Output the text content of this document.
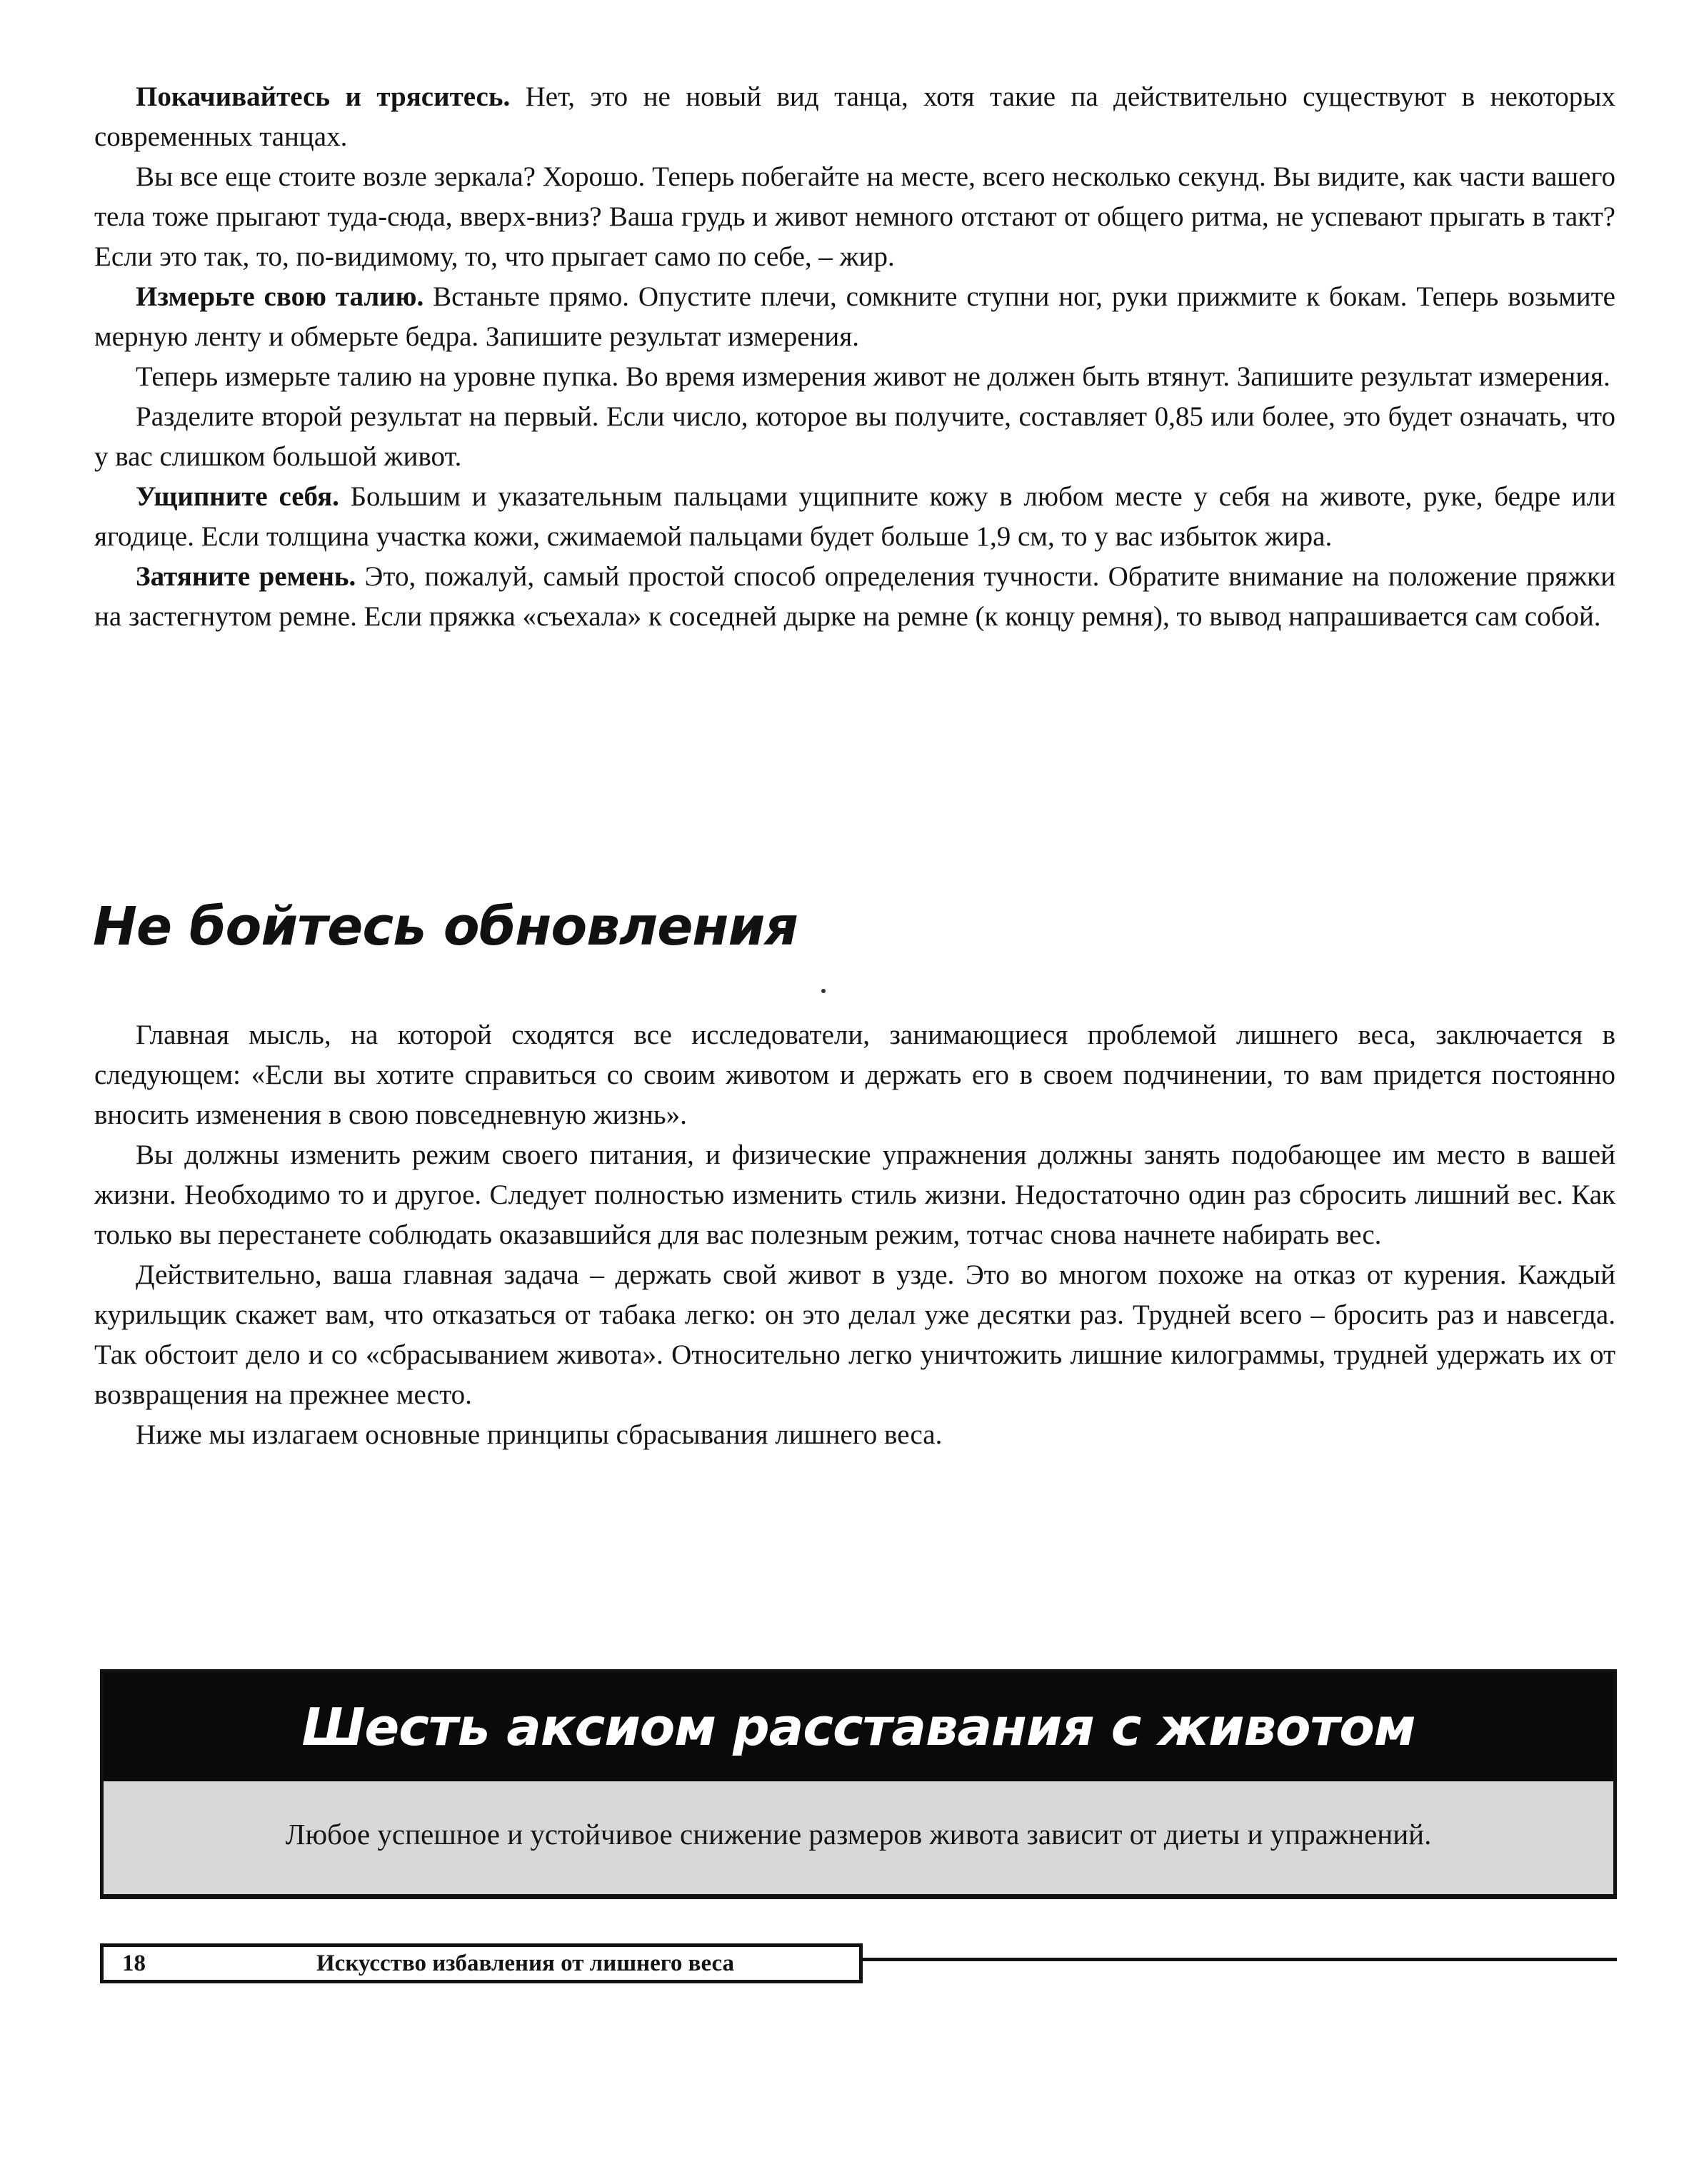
Покачивайтесь и тряситесь. Нет, это не новый вид танца, хотя такие па действительно существуют в некоторых современных танцах.

Вы все еще стоите возле зеркала? Хорошо. Теперь побегайте на месте, всего несколько секунд. Вы видите, как части вашего тела тоже прыгают туда-сюда, вверх-вниз? Ваша грудь и живот немного отстают от общего ритма, не успевают прыгать в такт? Если это так, то, по-видимому, то, что прыгает само по себе, – жир.

Измерьте свою талию. Встаньте прямо. Опустите плечи, сомкните ступни ног, руки прижмите к бокам. Теперь возьмите мерную ленту и обмерьте бедра. Запишите результат измерения.

Теперь измерьте талию на уровне пупка. Во время измерения живот не должен быть втянут. Запишите результат измерения.

Разделите второй результат на первый. Если число, которое вы получите, составляет 0,85 или более, это будет означать, что у вас слишком большой живот.

Ущипните себя. Большим и указательным пальцами ущипните кожу в любом месте у себя на животе, руке, бедре или ягодице. Если толщина участка кожи, сжимаемой пальцами будет больше 1,9 см, то у вас избыток жира.

Затяните ремень. Это, пожалуй, самый простой способ определения тучности. Обратите внимание на положение пряжки на застегнутом ремне. Если пряжка «съехала» к соседней дырке на ремне (к концу ремня), то вывод напрашивается сам собой.

Не бойтесь обновления

Главная мысль, на которой сходятся все исследователи, занимающиеся проблемой лишнего веса, заключается в следующем: «Если вы хотите справиться со своим животом и держать его в своем подчинении, то вам придется постоянно вносить изменения в свою повседневную жизнь».

Вы должны изменить режим своего питания, и физические упражнения должны занять подобающее им место в вашей жизни. Необходимо то и другое. Следует полностью изменить стиль жизни. Недостаточно один раз сбросить лишний вес. Как только вы перестанете соблюдать оказавшийся для вас полезным режим, тотчас снова начнете набирать вес.

Действительно, ваша главная задача – держать свой живот в узде. Это во многом похоже на отказ от курения. Каждый курильщик скажет вам, что отказаться от табака легко: он это делал уже десятки раз. Трудней всего – бросить раз и навсегда. Так обстоит дело и со «сбрасыванием живота». Относительно легко уничтожить лишние килограммы, трудней удержать их от возвращения на прежнее место.

Ниже мы излагаем основные принципы сбрасывания лишнего веса.

Шесть аксиом расставания с животом
Любое успешное и устойчивое снижение размеров живота зависит от диеты и упражнений.
18	Искусство избавления от лишнего веса
